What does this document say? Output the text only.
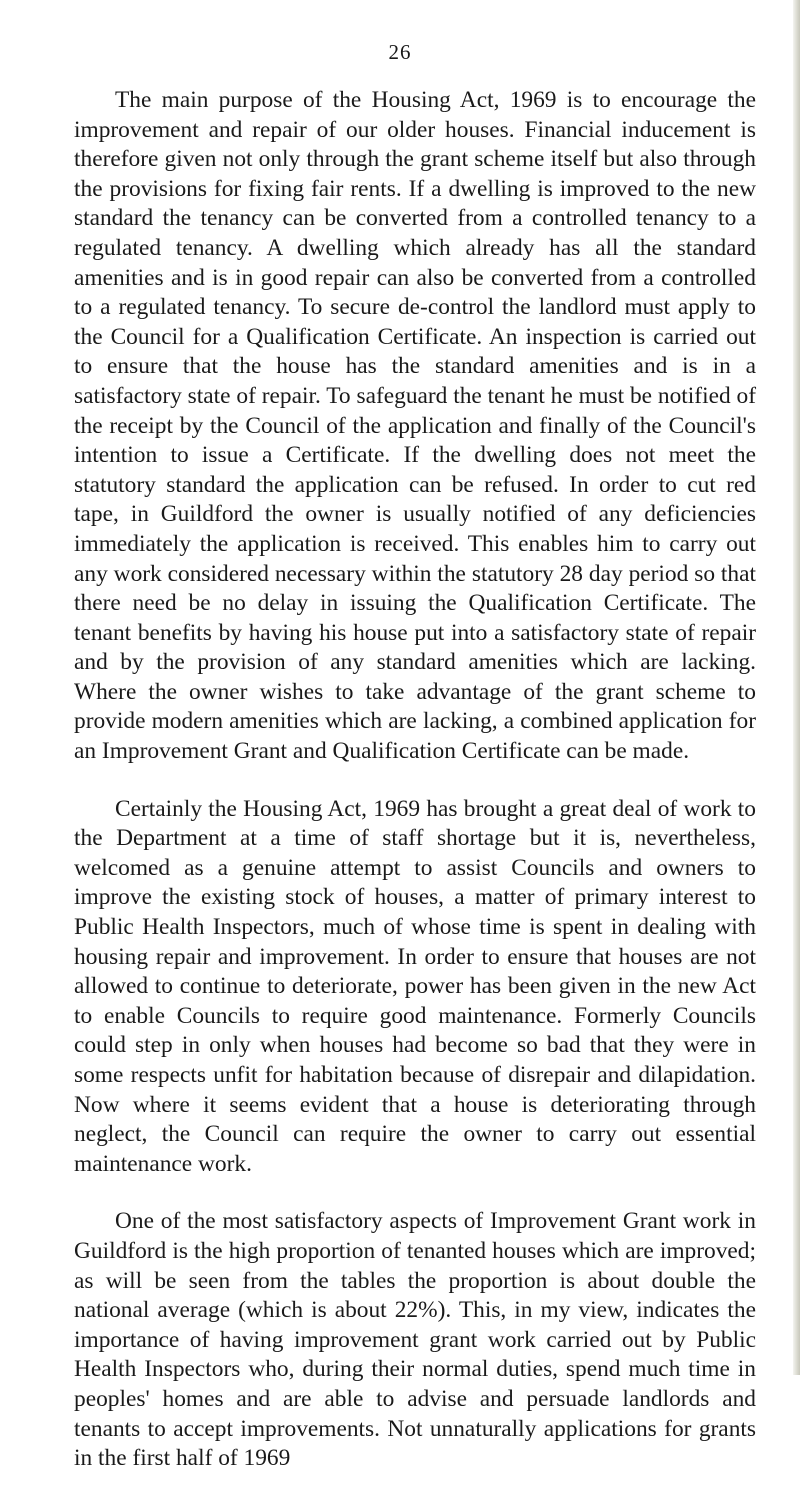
26

The main purpose of the Housing Act, 1969 is to encourage the improvement and repair of our older houses. Financial inducement is therefore given not only through the grant scheme itself but also through the provisions for fixing fair rents. If a dwelling is improved to the new standard the tenancy can be converted from a controlled tenancy to a regulated tenancy. A dwelling which already has all the standard amenities and is in good repair can also be converted from a controlled to a regulated tenancy. To secure de-control the landlord must apply to the Council for a Qualification Certificate. An inspection is carried out to ensure that the house has the standard amenities and is in a satisfactory state of repair. To safeguard the tenant he must be notified of the receipt by the Council of the application and finally of the Council's intention to issue a Certificate. If the dwelling does not meet the statutory standard the application can be refused. In order to cut red tape, in Guildford the owner is usually notified of any deficiencies immediately the application is received. This enables him to carry out any work considered necessary within the statutory 28 day period so that there need be no delay in issuing the Qualification Certificate. The tenant benefits by having his house put into a satisfactory state of repair and by the provision of any standard amenities which are lacking. Where the owner wishes to take advantage of the grant scheme to provide modern amenities which are lacking, a combined application for an Improvement Grant and Qualification Certificate can be made.

Certainly the Housing Act, 1969 has brought a great deal of work to the Department at a time of staff shortage but it is, nevertheless, welcomed as a genuine attempt to assist Councils and owners to improve the existing stock of houses, a matter of primary interest to Public Health Inspectors, much of whose time is spent in dealing with housing repair and improvement. In order to ensure that houses are not allowed to continue to deteriorate, power has been given in the new Act to enable Councils to require good maintenance. Formerly Councils could step in only when houses had become so bad that they were in some respects unfit for habitation because of disrepair and dilapidation. Now where it seems evident that a house is deteriorating through neglect, the Council can require the owner to carry out essential maintenance work.

One of the most satisfactory aspects of Improvement Grant work in Guildford is the high proportion of tenanted houses which are improved; as will be seen from the tables the proportion is about double the national average (which is about 22%). This, in my view, indicates the importance of having improvement grant work carried out by Public Health Inspectors who, during their normal duties, spend much time in peoples' homes and are able to advise and persuade landlords and tenants to accept improvements. Not unnaturally applications for grants in the first half of 1969
